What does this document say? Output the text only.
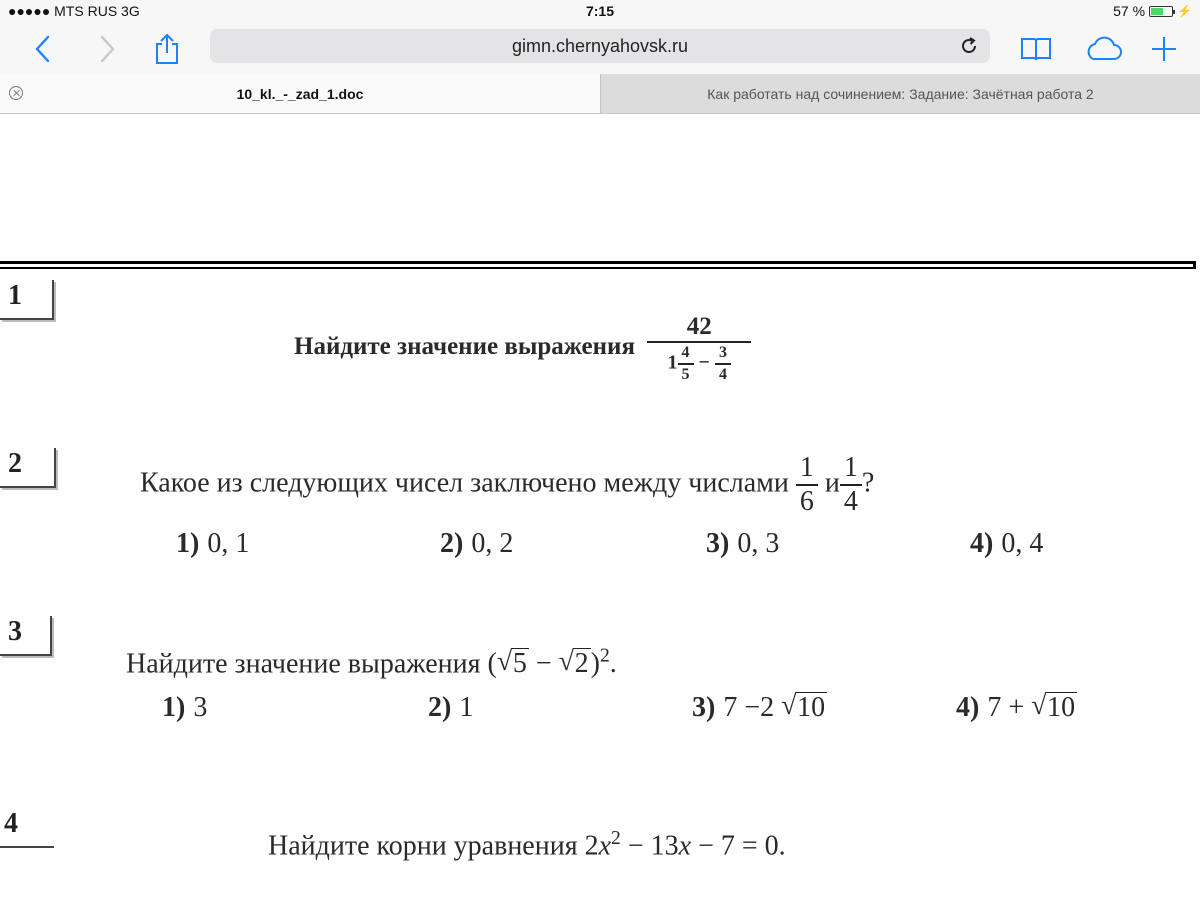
●●●●● MTS RUS 3G	7:15	57 %	⚡
gimn.chernyahovsk.ru
10_kl._-_zad_1.doc	Как работать над сочинением: Задание: Зачётная работа 2
1
Найдите значение выражения $\frac{42}{1 \frac{4}{5} - \frac{3}{4}}$
2
Какое из следующих чисел заключено между числами $\frac{1}{6}$ и $\frac{1}{4}$ ?
1) 0, 1	2) 0, 2	3) 0, 3	4) 0, 4
3
Найдите значение выражения ( √ 5 − √ 2)$^2$.
1) 3	2) 1	3) 7 −2 √ 10	4) 7 + √ 10
4
Найдите корни уравнения $2x^2 - 13x - 7 = 0$.
